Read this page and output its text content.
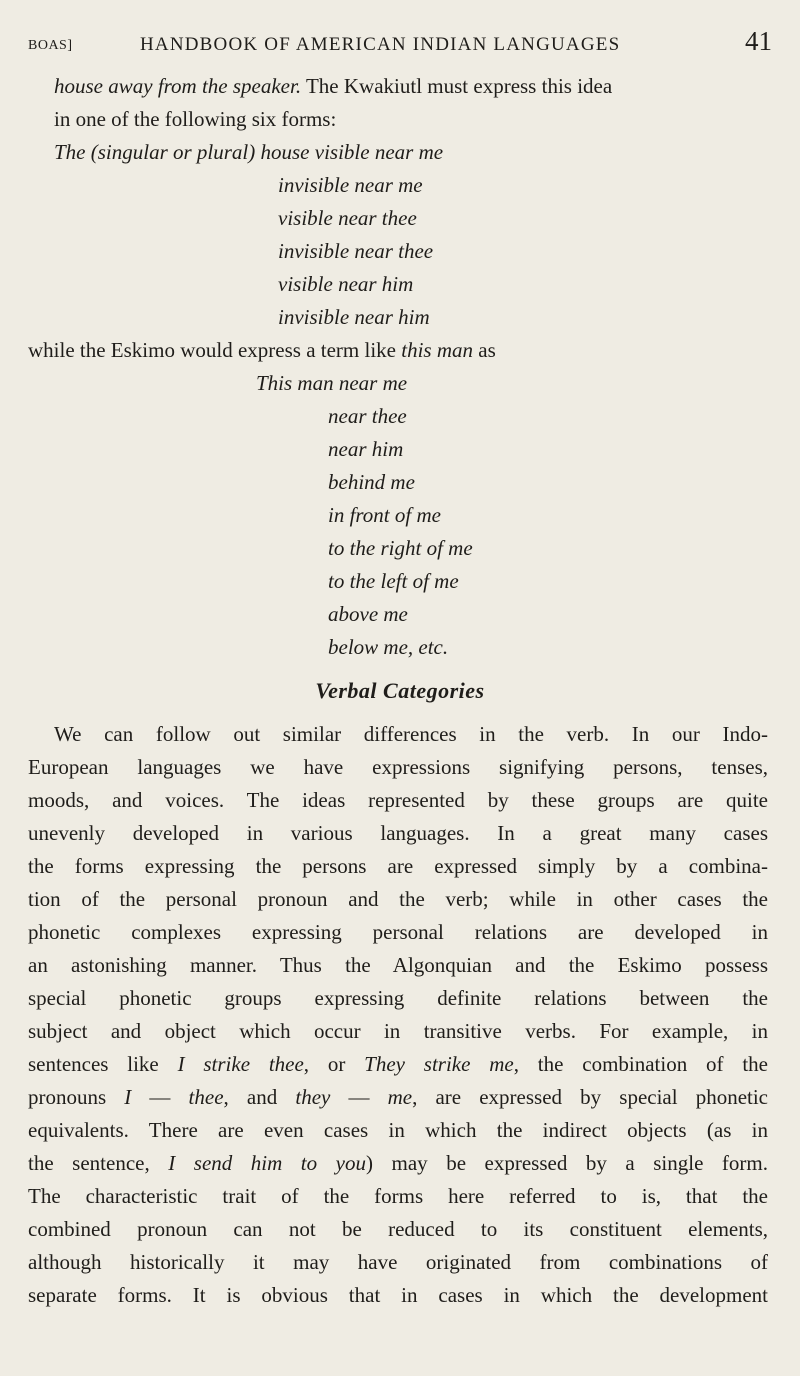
BOAS]	HANDBOOK OF AMERICAN INDIAN LANGUAGES	41
house away from the speaker. The Kwakiutl must express this idea
in one of the following six forms:
The (singular or plural) house visible near me
invisible near me
visible near thee
invisible near thee
visible near him
invisible near him
while the Eskimo would express a term like this man as
This man near me
near thee
near him
behind me
in front of me
to the right of me
to the left of me
above me
below me, etc.
Verbal Categories
We can follow out similar differences in the verb. In our Indo-
European languages we have expressions signifying persons, tenses,
moods, and voices. The ideas represented by these groups are quite
unevenly developed in various languages. In a great many cases
the forms expressing the persons are expressed simply by a combina-
tion of the personal pronoun and the verb; while in other cases the
phonetic complexes expressing personal relations are developed in
an astonishing manner. Thus the Algonquian and the Eskimo possess
special phonetic groups expressing definite relations between the
subject and object which occur in transitive verbs. For example, in
sentences like I strike thee, or They strike me, the combination of the
pronouns I — thee, and they — me, are expressed by special phonetic
equivalents. There are even cases in which the indirect objects (as in
the sentence, I send him to you) may be expressed by a single form.
The characteristic trait of the forms here referred to is, that the
combined pronoun can not be reduced to its constituent elements,
although historically it may have originated from combinations of
separate forms. It is obvious that in cases in which the development
